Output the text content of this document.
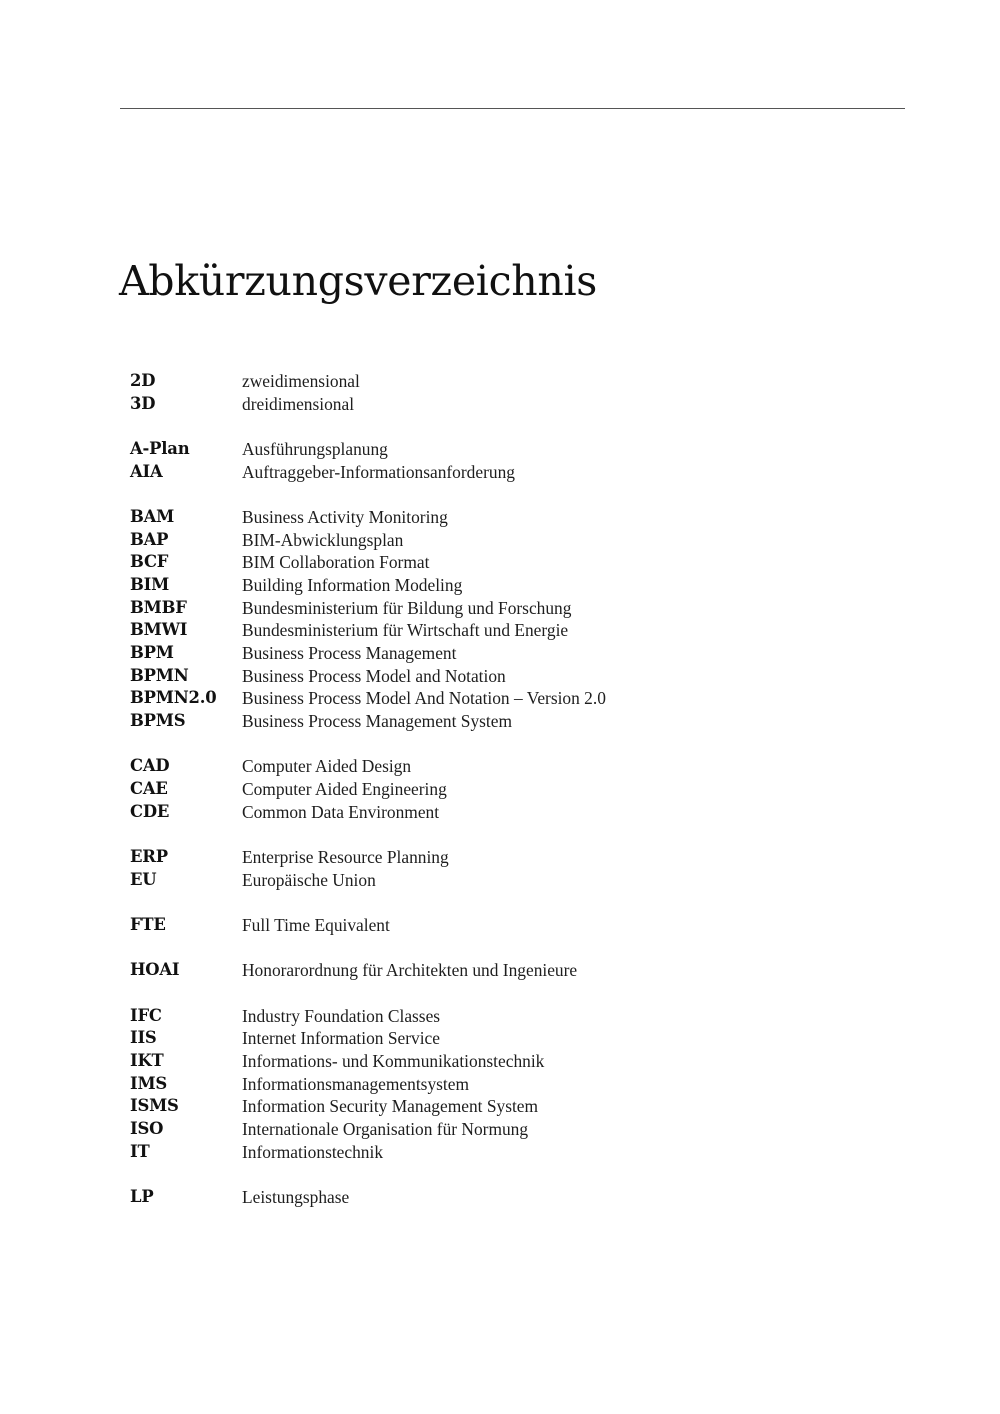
Abkürzungsverzeichnis
2D	zweidimensional
3D	dreidimensional
A-Plan	Ausführungsplanung
AIA	Auftraggeber-Informationsanforderung
BAM	Business Activity Monitoring
BAP	BIM-Abwicklungsplan
BCF	BIM Collaboration Format
BIM	Building Information Modeling
BMBF	Bundesministerium für Bildung und Forschung
BMWI	Bundesministerium für Wirtschaft und Energie
BPM	Business Process Management
BPMN	Business Process Model and Notation
BPMN2.0	Business Process Model And Notation – Version 2.0
BPMS	Business Process Management System
CAD	Computer Aided Design
CAE	Computer Aided Engineering
CDE	Common Data Environment
ERP	Enterprise Resource Planning
EU	Europäische Union
FTE	Full Time Equivalent
HOAI	Honorarordnung für Architekten und Ingenieure
IFC	Industry Foundation Classes
IIS	Internet Information Service
IKT	Informations- und Kommunikationstechnik
IMS	Informationsmanagementsystem
ISMS	Information Security Management System
ISO	Internationale Organisation für Normung
IT	Informationstechnik
LP	Leistungsphase
